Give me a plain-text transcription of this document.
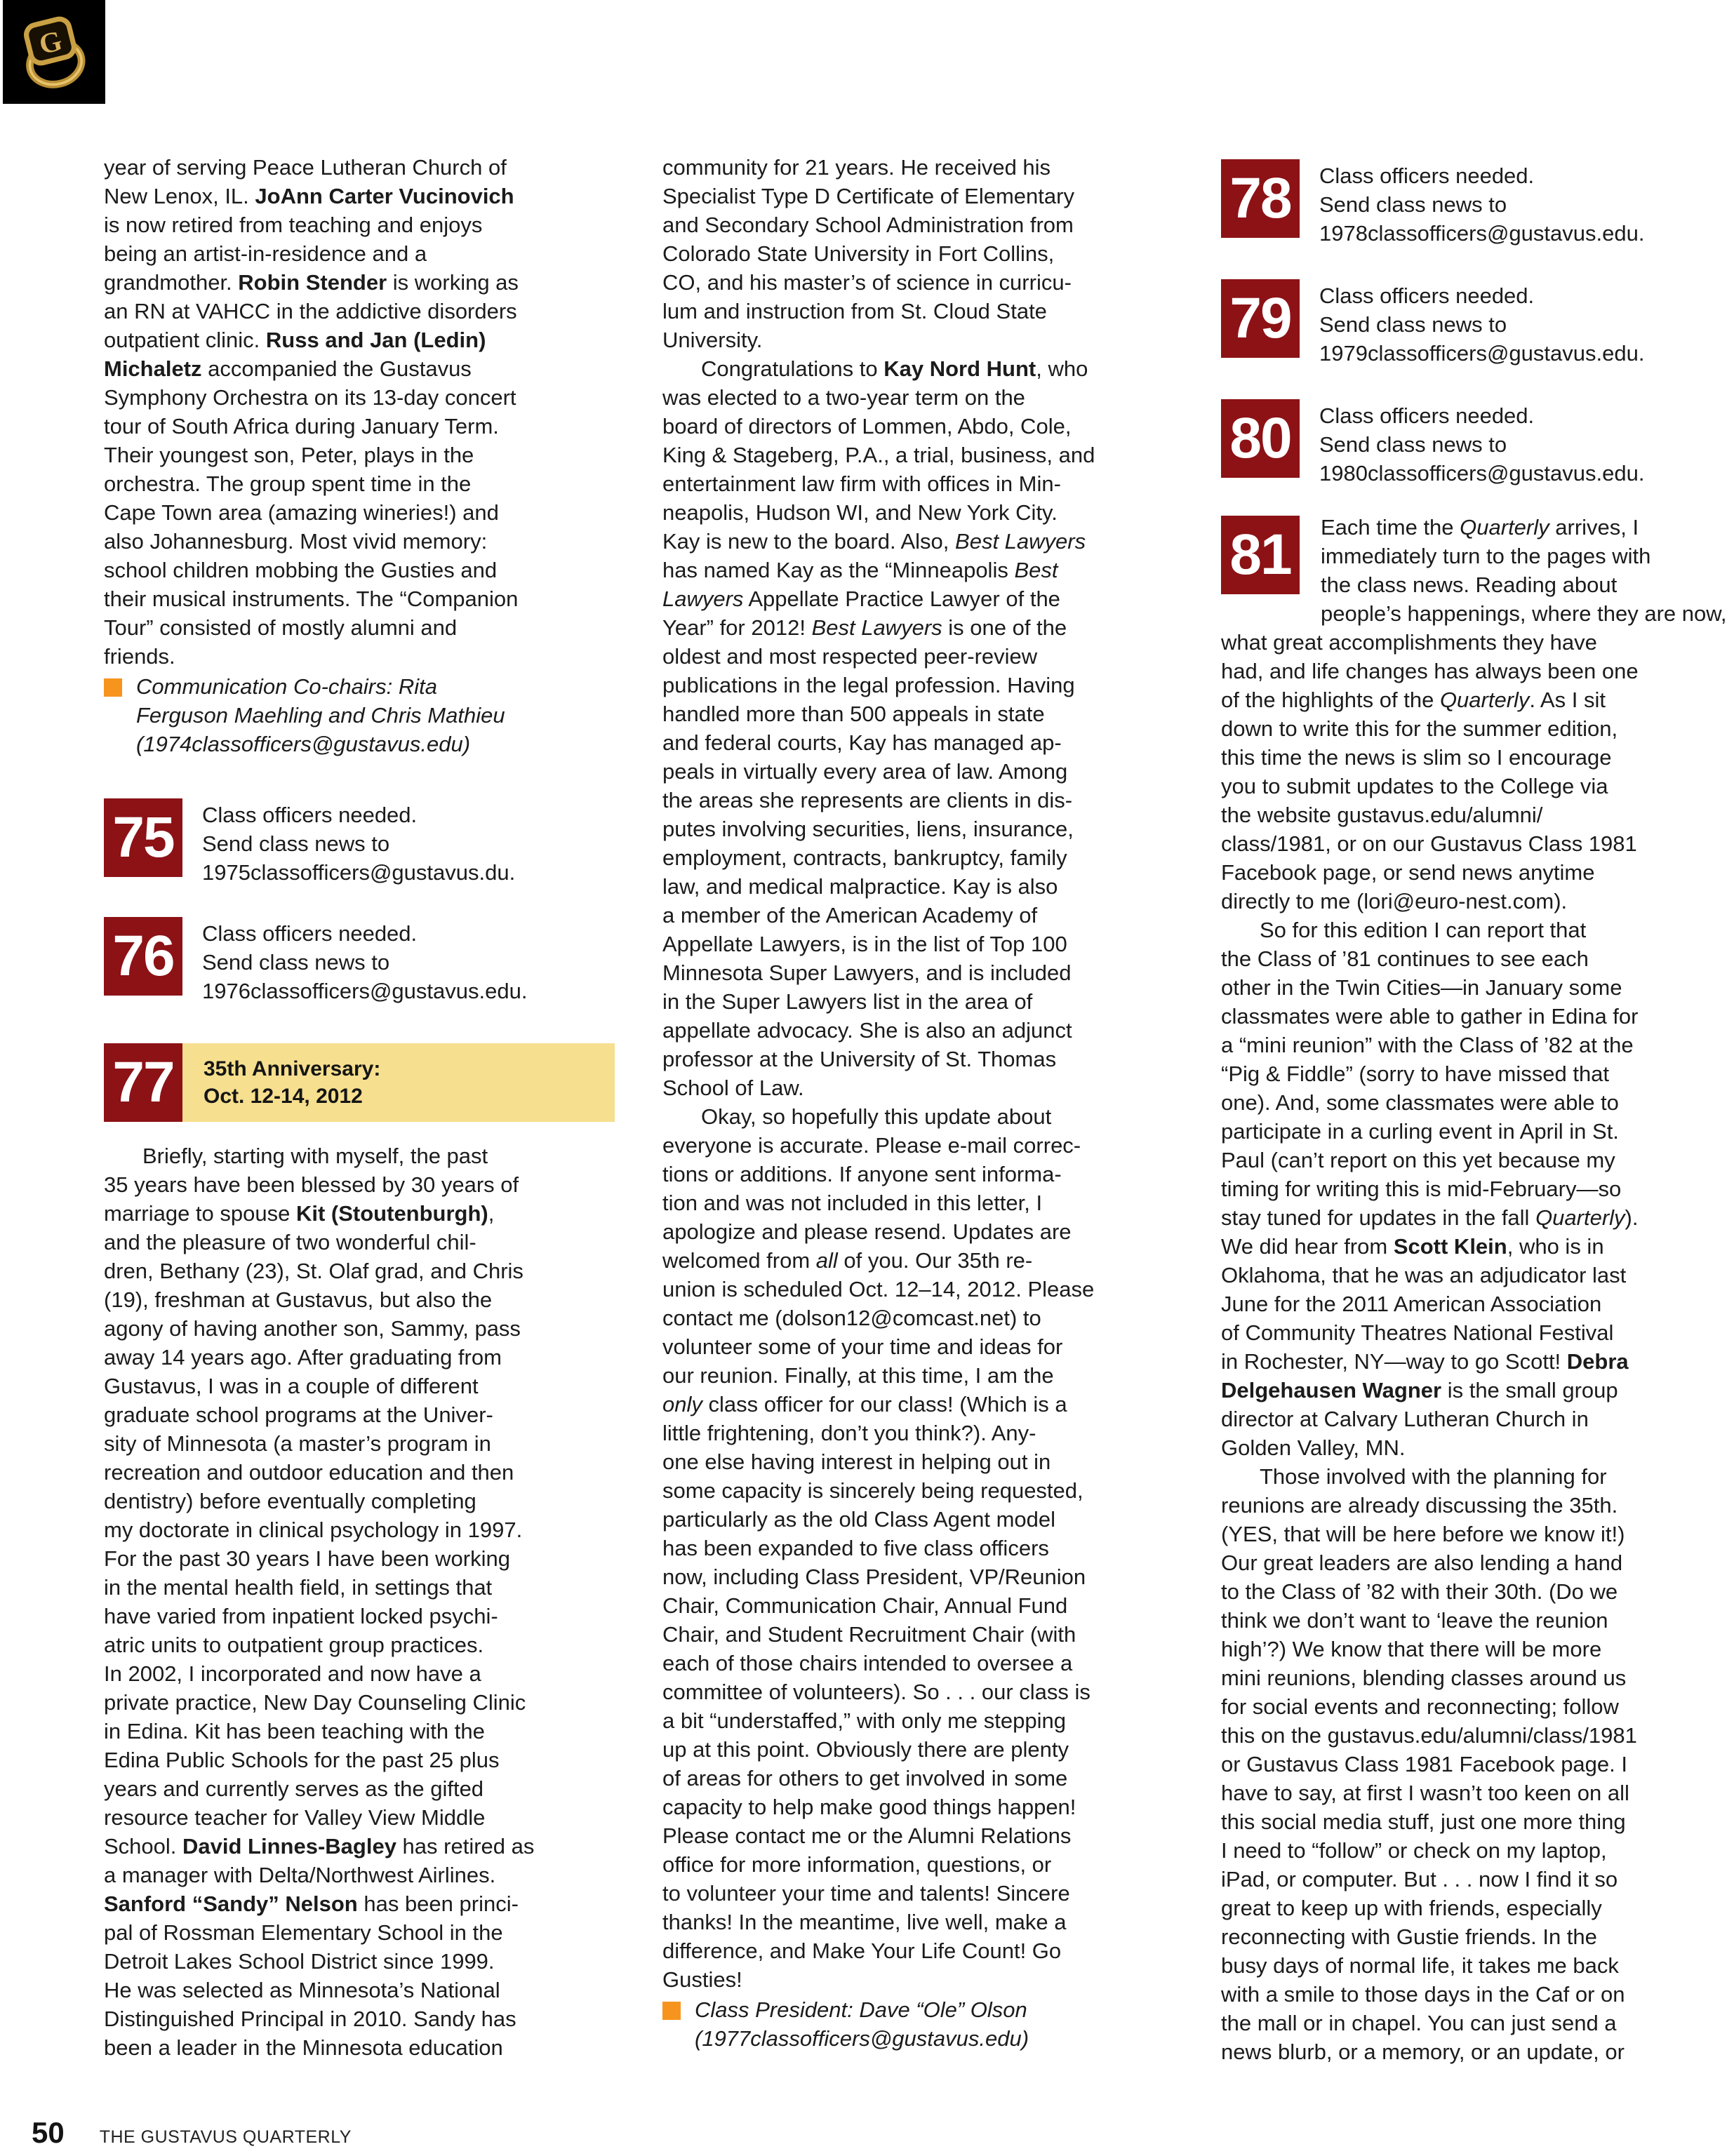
G

year of serving Peace Lutheran Church of
New Lenox, IL. JoAnn Carter Vucinovich
is now retired from teaching and enjoys
being an artist-in-residence and a
grandmother. Robin Stender is working as
an RN at VAHCC in the addictive disorders
outpatient clinic. Russ and Jan (Ledin)
Michaletz accompanied the Gustavus
Symphony Orchestra on its 13-day concert
tour of South Africa during January Term.
Their youngest son, Peter, plays in the
orchestra. The group spent time in the
Cape Town area (amazing wineries!) and
also Johannesburg. Most vivid memory:
school children mobbing the Gusties and
their musical instruments. The “Companion
Tour” consisted of mostly alumni and
friends.

Communication Co-chairs: Rita
Ferguson Maehling and Chris Mathieu
(1974classofficers@gustavus.edu)

75	Class officers needed.
Send class news to
1975classofficers@gustavus.du.

76	Class officers needed.
Send class news to
1976classofficers@gustavus.edu.

77	35th Anniversary:
Oct. 12-14, 2012

Briefly, starting with myself, the past
35 years have been blessed by 30 years of
marriage to spouse Kit (Stoutenburgh),
and the pleasure of two wonderful chil-
dren, Bethany (23), St. Olaf grad, and Chris
(19), freshman at Gustavus, but also the
agony of having another son, Sammy, pass
away 14 years ago. After graduating from
Gustavus, I was in a couple of different
graduate school programs at the Univer-
sity of Minnesota (a master’s program in
recreation and outdoor education and then
dentistry) before eventually completing
my doctorate in clinical psychology in 1997.
For the past 30 years I have been working
in the mental health field, in settings that
have varied from inpatient locked psychi-
atric units to outpatient group practices.
In 2002, I incorporated and now have a
private practice, New Day Counseling Clinic
in Edina. Kit has been teaching with the
Edina Public Schools for the past 25 plus
years and currently serves as the gifted
resource teacher for Valley View Middle
School. David Linnes-Bagley has retired as
a manager with Delta/Northwest Airlines.
Sanford “Sandy” Nelson has been princi-
pal of Rossman Elementary School in the
Detroit Lakes School District since 1999.
He was selected as Minnesota’s National
Distinguished Principal in 2010. Sandy has
been a leader in the Minnesota education

community for 21 years. He received his
Specialist Type D Certificate of Elementary
and Secondary School Administration from
Colorado State University in Fort Collins,
CO, and his master’s of science in curricu-
lum and instruction from St. Cloud State
University.

Congratulations to Kay Nord Hunt, who
was elected to a two-year term on the
board of directors of Lommen, Abdo, Cole,
King & Stageberg, P.A., a trial, business, and
entertainment law firm with offices in Min-
neapolis, Hudson WI, and New York City.
Kay is new to the board. Also, Best Lawyers
has named Kay as the “Minneapolis Best
Lawyers Appellate Practice Lawyer of the
Year” for 2012! Best Lawyers is one of the
oldest and most respected peer-review
publications in the legal profession. Having
handled more than 500 appeals in state
and federal courts, Kay has managed ap-
peals in virtually every area of law. Among
the areas she represents are clients in dis-
putes involving securities, liens, insurance,
employment, contracts, bankruptcy, family
law, and medical malpractice. Kay is also
a member of the American Academy of
Appellate Lawyers, is in the list of Top 100
Minnesota Super Lawyers, and is included
in the Super Lawyers list in the area of
appellate advocacy. She is also an adjunct
professor at the University of St. Thomas
School of Law.

Okay, so hopefully this update about
everyone is accurate. Please e-mail correc-
tions or additions. If anyone sent informa-
tion and was not included in this letter, I
apologize and please resend. Updates are
welcomed from all of you. Our 35th re-
union is scheduled Oct. 12–14, 2012. Please
contact me (dolson12@comcast.net) to
volunteer some of your time and ideas for
our reunion. Finally, at this time, I am the
only class officer for our class! (Which is a
little frightening, don’t you think?). Any-
one else having interest in helping out in
some capacity is sincerely being requested,
particularly as the old Class Agent model
has been expanded to five class officers
now, including Class President, VP/Reunion
Chair, Communication Chair, Annual Fund
Chair, and Student Recruitment Chair (with
each of those chairs intended to oversee a
committee of volunteers). So . . . our class is
a bit “understaffed,” with only me stepping
up at this point. Obviously there are plenty
of areas for others to get involved in some
capacity to help make good things happen!
Please contact me or the Alumni Relations
office for more information, questions, or
to volunteer your time and talents! Sincere
thanks! In the meantime, live well, make a
difference, and Make Your Life Count! Go
Gusties!

Class President: Dave “Ole” Olson
(1977classofficers@gustavus.edu)

78	Class officers needed.
Send class news to
1978classofficers@gustavus.edu.

79	Class officers needed.
Send class news to
1979classofficers@gustavus.edu.

80	Class officers needed.
Send class news to
1980classofficers@gustavus.edu.

81	Each time the Quarterly arrives, I
immediately turn to the pages with
the class news. Reading about
people’s happenings, where they are now,
what great accomplishments they have
had, and life changes has always been one
of the highlights of the Quarterly. As I sit
down to write this for the summer edition,
this time the news is slim so I encourage
you to submit updates to the College via
the website gustavus.edu/alumni/
class/1981, or on our Gustavus Class 1981
Facebook page, or send news anytime
directly to me (lori@euro-nest.com).

So for this edition I can report that
the Class of ’81 continues to see each
other in the Twin Cities—in January some
classmates were able to gather in Edina for
a “mini reunion” with the Class of ’82 at the
“Pig & Fiddle” (sorry to have missed that
one). And, some classmates were able to
participate in a curling event in April in St.
Paul (can’t report on this yet because my
timing for writing this is mid-February—so
stay tuned for updates in the fall Quarterly).
We did hear from Scott Klein, who is in
Oklahoma, that he was an adjudicator last
June for the 2011 American Association
of Community Theatres National Festival
in Rochester, NY—way to go Scott! Debra
Delgehausen Wagner is the small group
director at Calvary Lutheran Church in
Golden Valley, MN.

Those involved with the planning for
reunions are already discussing the 35th.
(YES, that will be here before we know it!)
Our great leaders are also lending a hand
to the Class of ’82 with their 30th. (Do we
think we don’t want to ‘leave the reunion
high’?) We know that there will be more
mini reunions, blending classes around us
for social events and reconnecting; follow
this on the gustavus.edu/alumni/class/1981
or Gustavus Class 1981 Facebook page. I
have to say, at first I wasn’t too keen on all
this social media stuff, just one more thing
I need to “follow” or check on my laptop,
iPad, or computer. But . . . now I find it so
great to keep up with friends, especially
reconnecting with Gustie friends. In the
busy days of normal life, it takes me back
with a smile to those days in the Caf or on
the mall or in chapel. You can just send a
news blurb, or a memory, or an update, or

50 THE GUSTAVUS QUARTERLY
